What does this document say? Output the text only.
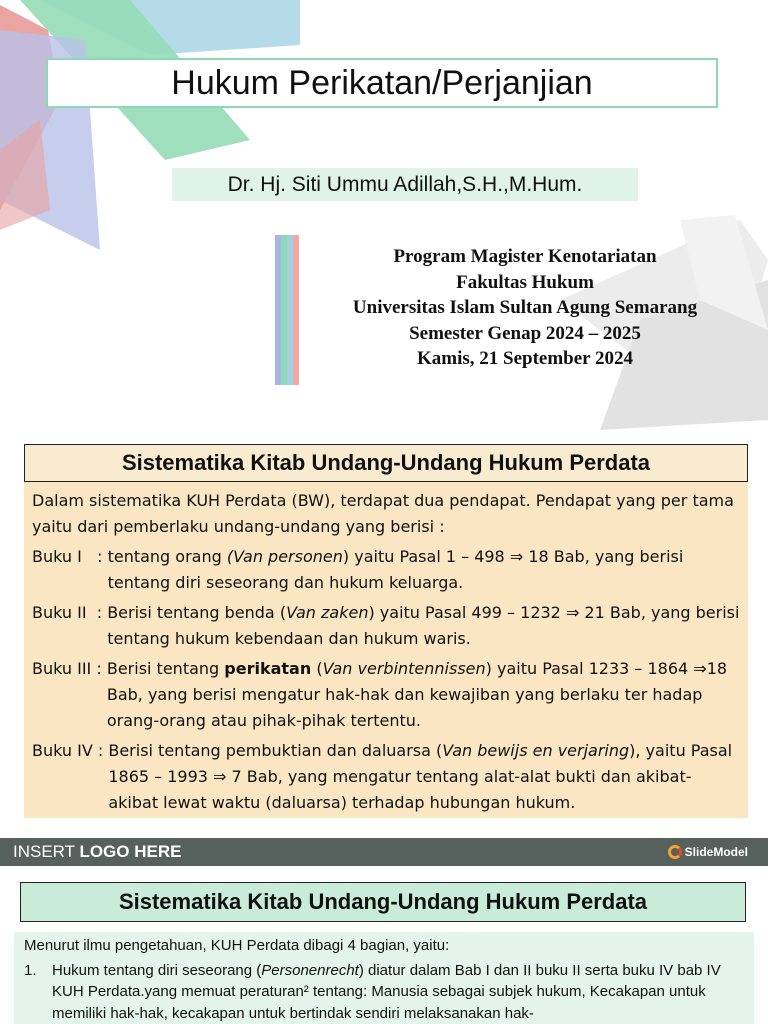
Hukum Perikatan/Perjanjian
Dr. Hj. Siti Ummu Adillah,S.H.,M.Hum.
Program Magister Kenotariatan
Fakultas Hukum
Universitas Islam Sultan Agung Semarang
Semester Genap 2024 – 2025
Kamis, 21 September 2024
Sistematika Kitab Undang-Undang Hukum Perdata
Dalam sistematika KUH Perdata (BW), terdapat dua pendapat. Pendapat yang per tama yaitu dari pemberlaku undang-undang yang berisi :
Buku I   : tentang orang (Van personen) yaitu Pasal 1 – 498 ⇒ 18 Bab, yang berisi tentang diri seseorang dan hukum keluarga.
Buku II  : Berisi tentang benda (Van zaken) yaitu Pasal 499 – 1232 ⇒ 21 Bab, yang berisi tentang hukum kebendaan dan hukum waris.
Buku III : Berisi tentang perikatan (Van verbintennissen) yaitu Pasal 1233 – 1864 ⇒18 Bab, yang berisi mengatur hak-hak dan kewajiban yang berlaku ter hadap orang-orang atau pihak-pihak tertentu.
Buku IV : Berisi tentang pembuktian dan daluarsa (Van bewijs en verjaring), yaitu Pasal 1865 – 1993 ⇒ 7 Bab, yang mengatur tentang alat-alat bukti dan akibat-akibat lewat waktu (daluarsa) terhadap hubungan hukum.
INSERT LOGO HERE	SlideModel
Sistematika Kitab Undang-Undang Hukum Perdata
Menurut ilmu pengetahuan, KUH Perdata dibagi 4 bagian, yaitu:
1.	Hukum tentang diri seseorang (Personenrecht) diatur dalam Bab I dan II buku II serta buku IV bab IV KUH Perdata.yang memuat peraturan² tentang: Manusia sebagai subjek hukum, Kecakapan untuk memiliki hak-hak, kecakapan untuk bertindak sendiri melaksanakan hak-
